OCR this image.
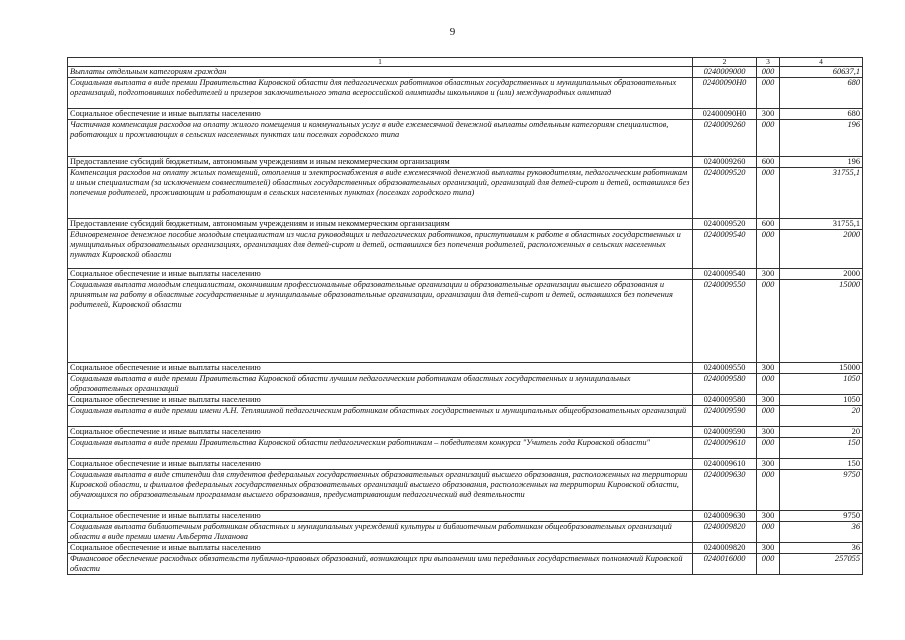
9
1	2	3	4
Выплаты отдельным категориям граждан	0240009000	000	60637,1
Социальная выплата в виде премии Правительства Кировской области для педагогических работников областных государственных и муниципальных образовательных организаций, подготовивших победителей и призеров заключительного этапа всероссийской олимпиады школьников и (или) международных олимпиад	02400090Н0	000	680
Социальное обеспечение и иные выплаты населению	02400090Н0	300	680
Частичная компенсация расходов на оплату жилого помещения и коммунальных услуг в виде ежемесячной денежной выплаты отдельным категориям специалистов, работающих и проживающих в сельских населенных пунктах или поселках городского типа	0240009260	000	196
Предоставление субсидий бюджетным, автономным учреждениям и иным некоммерческим организациям	0240009260	600	196
Компенсация расходов на оплату жилых помещений, отопления и электроснабжения в виде ежемесячной денежной выплаты руководителям, педагогическим работникам и иным специалистам (за исключением совместителей) областных государственных образовательных организаций, организаций для детей-сирот и детей, оставшихся без попечения родителей, проживающим и работающим в сельских населенных пунктах (поселках городского типа)	0240009520	000	31755,1
Предоставление субсидий бюджетным, автономным учреждениям и иным некоммерческим организациям	0240009520	600	31755,1
Единовременное денежное пособие молодым специалистам из числа руководящих и педагогических работников, приступившим к работе в областных государственных и муниципальных образовательных организациях, организациях для детей-сирот и детей, оставшихся без попечения родителей, расположенных в сельских населенных пунктах Кировской области	0240009540	000	2000
Социальное обеспечение и иные выплаты населению	0240009540	300	2000
Социальная выплата молодым специалистам, окончившим профессиональные образовательные организации и образовательные организации высшего образования и принятым на работу в областные государственные и муниципальные образовательные организации, организации для детей-сирот и детей, оставшихся без попечения родителей, Кировской области	0240009550	000	15000
Социальное обеспечение и иные выплаты населению	0240009550	300	15000
Социальная выплата в виде премии Правительства Кировской области лучшим педагогическим работникам областных государственных и муниципальных образовательных организаций	0240009580	000	1050
Социальное обеспечение и иные выплаты населению	0240009580	300	1050
Социальная выплата в виде премии имени А.Н. Тепляшиной педагогическим работникам областных государственных и муниципальных общеобразовательных организаций	0240009590	000	20
Социальное обеспечение и иные выплаты населению	0240009590	300	20
Социальная выплата в виде премии Правительства Кировской области педагогическим работникам – победителям конкурса "Учитель года Кировской области"	0240009610	000	150
Социальное обеспечение и иные выплаты населению	0240009610	300	150
Социальная выплата в виде стипендии для студентов федеральных государственных образовательных организаций высшего образования, расположенных на территории Кировской области, и филиалов федеральных государственных образовательных организаций высшего образования, расположенных на территории Кировской области, обучающихся по образовательным программам высшего образования, предусматривающим педагогический вид деятельности	0240009630	000	9750
Социальное обеспечение и иные выплаты населению	0240009630	300	9750
Социальная выплата библиотечным работникам областных и муниципальных учреждений культуры и библиотечным работникам общеобразовательных организаций области в виде премии имени Альберта Лиханова	0240009820	000	36
Социальное обеспечение и иные выплаты населению	0240009820	300	36
Финансовое обеспечение расходных обязательств публично-правовых образований, возникающих при выполнении ими переданных государственных полномочий Кировской области	0240016000	000	257055
